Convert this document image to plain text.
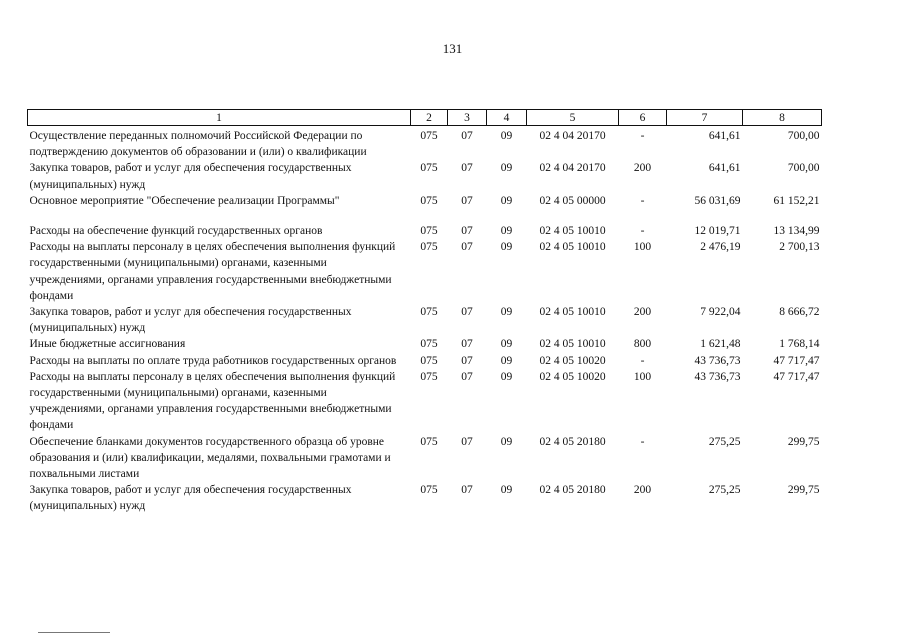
131
1	2	3	4	5	6	7	8

Осуществление переданных полномочий Российской Федерации по подтверждению документов об образовании и (или) о квалификации	075	07	09	02 4 04 20170	-	641,61	700,00
Закупка товаров, работ и услуг для обеспечения государственных (муниципальных) нужд	075	07	09	02 4 04 20170	200	641,61	700,00
Основное мероприятие "Обеспечение реализации Программы"	075	07	09	02 4 05 00000	-	56 031,69	61 152,21
Расходы на обеспечение функций государственных органов	075	07	09	02 4 05 10010	-	12 019,71	13 134,99
Расходы на выплаты персоналу в целях обеспечения выполнения функций государственными (муниципальными) органами, казенными учреждениями, органами управления государственными внебюджетными фондами	075	07	09	02 4 05 10010	100	2 476,19	2 700,13
Закупка товаров, работ и услуг для обеспечения государственных (муниципальных) нужд	075	07	09	02 4 05 10010	200	7 922,04	8 666,72
Иные бюджетные ассигнования	075	07	09	02 4 05 10010	800	1 621,48	1 768,14
Расходы на выплаты по оплате труда работников государственных органов	075	07	09	02 4 05 10020	-	43 736,73	47 717,47
Расходы на выплаты персоналу в целях обеспечения выполнения функций государственными (муниципальными) органами, казенными учреждениями, органами управления государственными внебюджетными фондами	075	07	09	02 4 05 10020	100	43 736,73	47 717,47
Обеспечение бланками документов государственного образца об уровне образования и (или) квалификации, медалями, похвальными грамотами и похвальными листами	075	07	09	02 4 05 20180	-	275,25	299,75
Закупка товаров, работ и услуг для обеспечения государственных (муниципальных) нужд	075	07	09	02 4 05 20180	200	275,25	299,75
